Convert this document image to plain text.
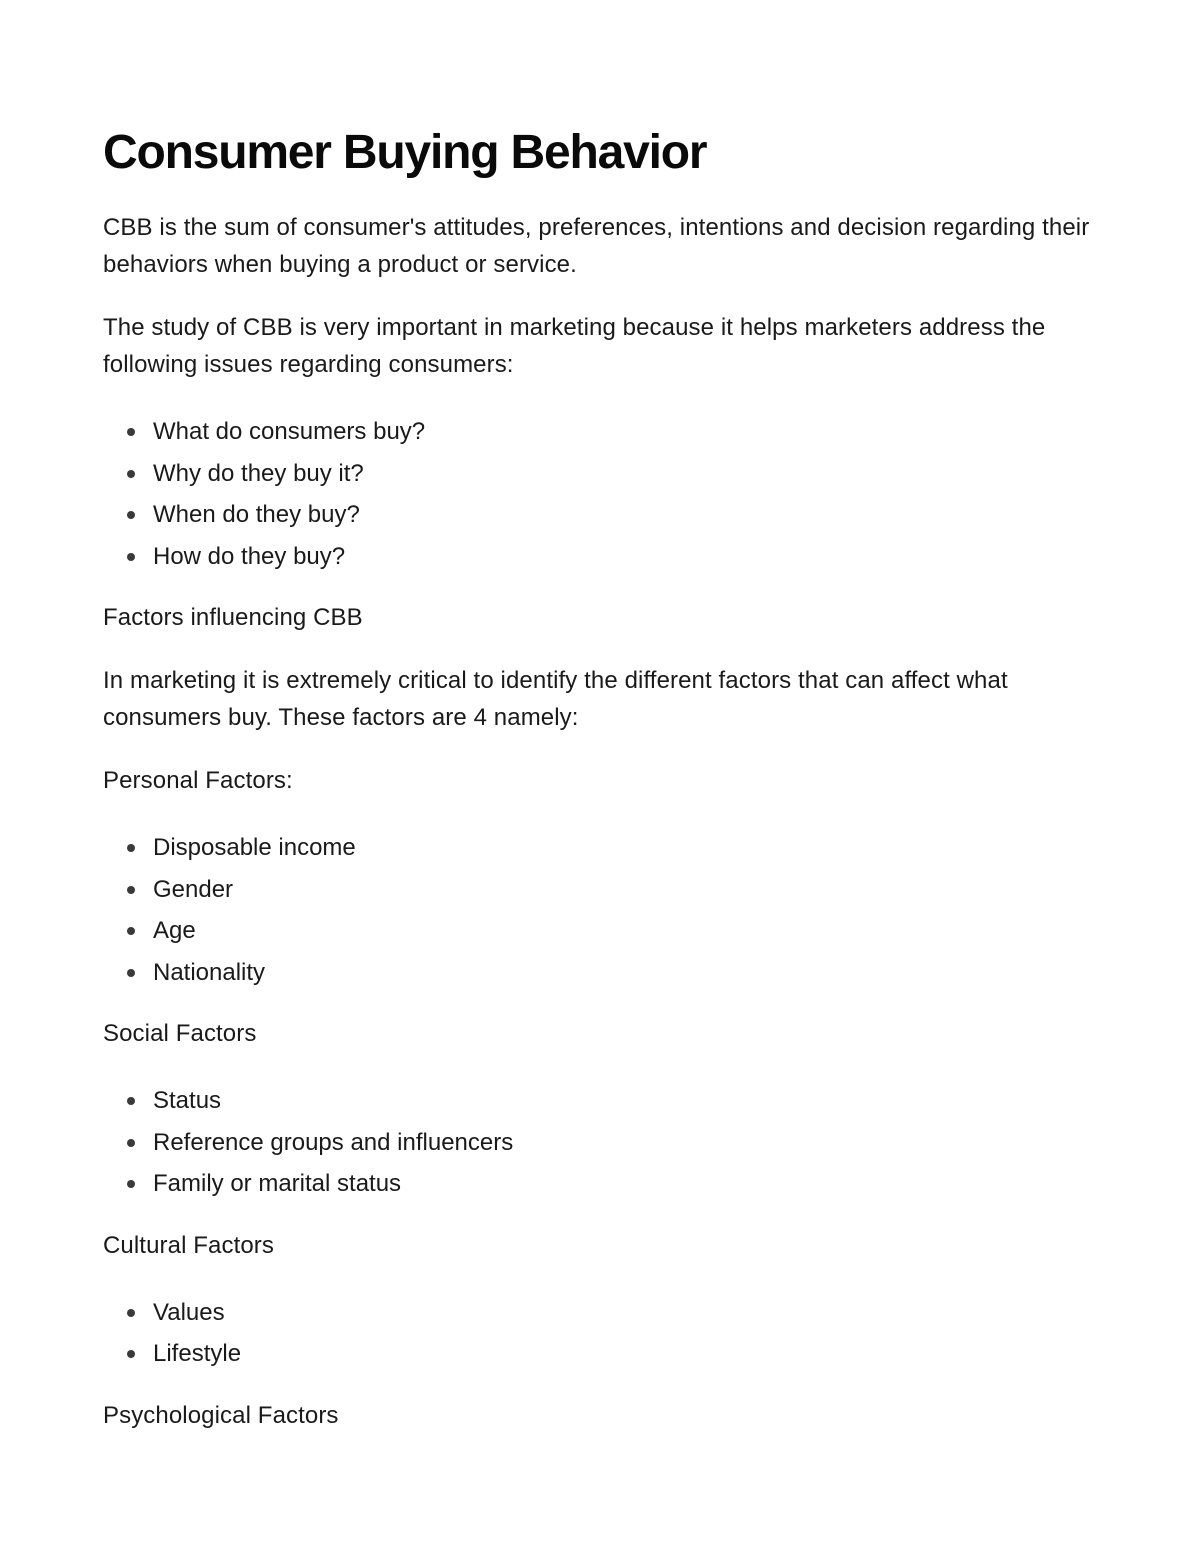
Consumer Buying Behavior

CBB is the sum of consumer's attitudes, preferences, intentions and decision regarding their behaviors when buying a product or service.

The study of CBB is very important in marketing because it helps marketers address the following issues regarding consumers:

What do consumers buy?
Why do they buy it?
When do they buy?
How do they buy?

Factors influencing CBB

In marketing it is extremely critical to identify the different factors that can affect what consumers buy. These factors are 4 namely:

Personal Factors:

Disposable income
Gender
Age
Nationality

Social Factors

Status
Reference groups and influencers
Family or marital status

Cultural Factors

Values
Lifestyle

Psychological Factors
